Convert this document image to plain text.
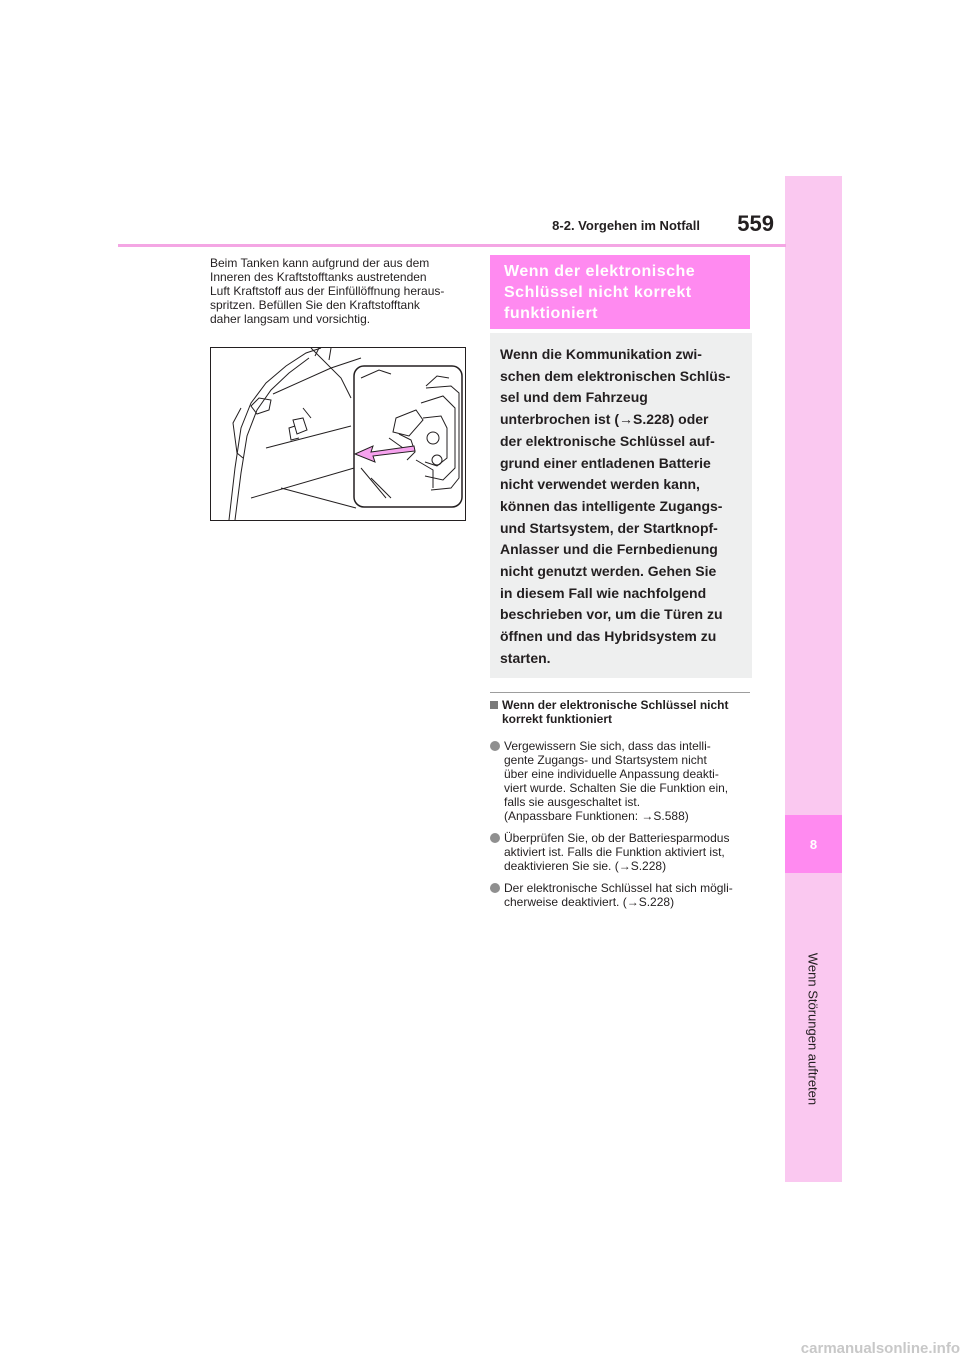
8
Wenn Störungen auftreten
8-2. Vorgehen im Notfall	559

Beim Tanken kann aufgrund der aus dem
Inneren des Kraftstofftanks austretenden
Luft Kraftstoff aus der Einfüllöffnung heraus-
spritzen. Befüllen Sie den Kraftstofftank
daher langsam und vorsichtig.

Wenn der elektronische
Schlüssel nicht korrekt
funktioniert

Wenn die Kommunikation zwi-
schen dem elektronischen Schlüs-
sel und dem Fahrzeug
unterbrochen ist (→S.228) oder
der elektronische Schlüssel auf-
grund einer entladenen Batterie
nicht verwendet werden kann,
können das intelligente Zugangs-
und Startsystem, der Startknopf-
Anlasser und die Fernbedienung
nicht genutzt werden. Gehen Sie
in diesem Fall wie nachfolgend
beschrieben vor, um die Türen zu
öffnen und das Hybridsystem zu
starten.

Wenn der elektronische Schlüssel nicht
korrekt funktioniert
Vergewissern Sie sich, dass das intelli-
gente Zugangs- und Startsystem nicht
über eine individuelle Anpassung deakti-
viert wurde. Schalten Sie die Funktion ein,
falls sie ausgeschaltet ist.
(Anpassbare Funktionen: →S.588)
Überprüfen Sie, ob der Batteriesparmodus
aktiviert ist. Falls die Funktion aktiviert ist,
deaktivieren Sie sie. (→S.228)
Der elektronische Schlüssel hat sich mögli-
cherweise deaktiviert. (→S.228)
carmanualsonline.info
